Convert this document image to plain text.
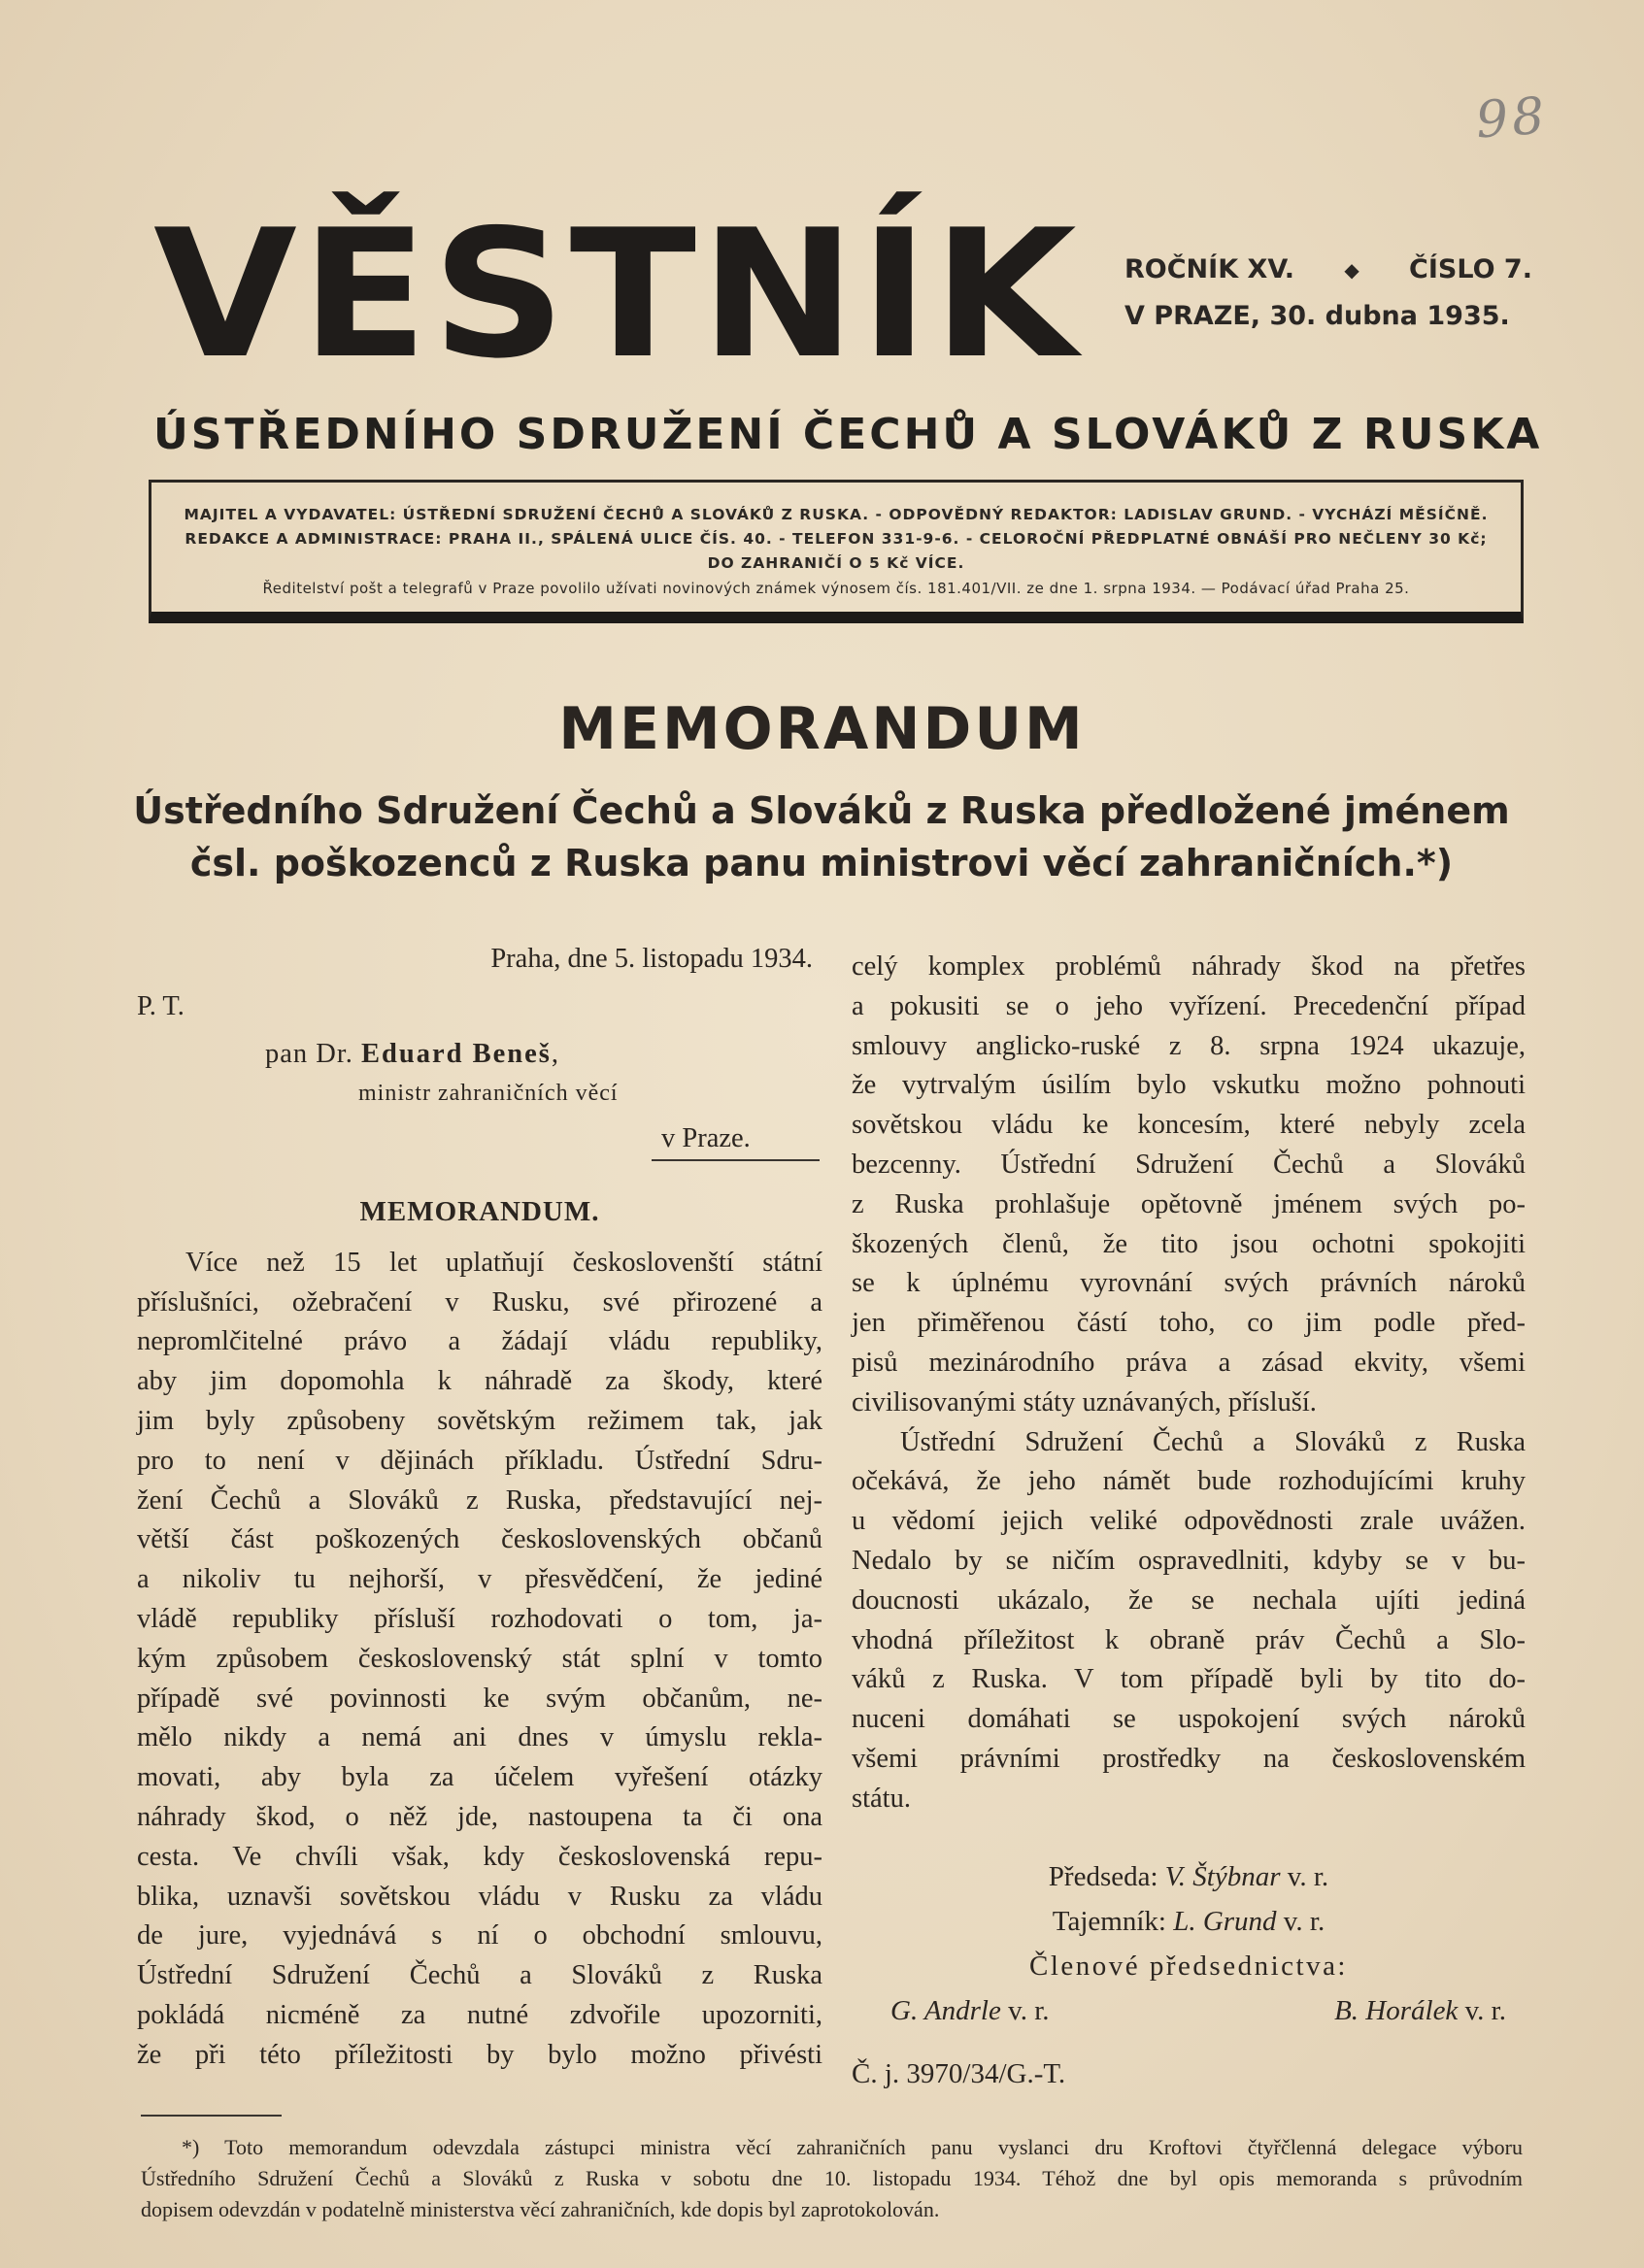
98
VĚSTNÍK ROČNÍK XV.	◆ ČÍSLO 7.
V PRAZE, 30. dubna 1935.
ÚSTŘEDNÍHO SDRUŽENÍ ČECHŮ A SLOVÁKŮ Z RUSKA
MAJITEL A VYDAVATEL: ÚSTŘEDNÍ SDRUŽENÍ ČECHŮ A SLOVÁKŮ Z RUSKA. - ODPOVĚDNÝ REDAKTOR: LADISLAV GRUND. - VYCHÁZÍ MĚSÍČNĚ.
REDAKCE A ADMINISTRACE: PRAHA II., SPÁLENÁ ULICE ČÍS. 40. - TELEFON 331-9-6. - CELOROČNÍ PŘEDPLATNÉ OBNÁŠÍ PRO NEČLENY 30 Kč;
DO ZAHRANIČÍ O 5 Kč VÍCE.
Ředitelství pošt a telegrafů v Praze povolilo užívati novinových známek výnosem čís. 181.401/VII. ze dne 1. srpna 1934. — Podávací úřad Praha 25.
MEMORANDUM
Ústředního Sdružení Čechů a Slováků z Ruska předložené jménem
čsl. poškozenců z Ruska panu ministrovi věcí zahraničních.*)
Praha, dne 5. listopadu 1934.
P. T.
pan Dr. Eduard Beneš,
ministr zahraničních věcí
v Praze.
MEMORANDUM.
Více než 15 let uplatňují českoslovenští státní
příslušníci, ožebračení v Rusku, své přirozené a
nepromlčitelné právo a žádají vládu republiky,
aby jim dopomohla k náhradě za škody, které
jim byly způsobeny sovětským režimem tak, jak
pro to není v dějinách příkladu. Ústřední Sdru-
žení Čechů a Slováků z Ruska, představující nej-
větší část poškozených československých občanů
a nikoliv tu nejhorší, v přesvědčení, že jediné
vládě republiky přísluší rozhodovati o tom, ja-
kým způsobem československý stát splní v tomto
případě své povinnosti ke svým občanům, ne-
mělo nikdy a nemá ani dnes v úmyslu rekla-
movati, aby byla za účelem vyřešení otázky
náhrady škod, o něž jde, nastoupena ta či ona
cesta. Ve chvíli však, kdy československá repu-
blika, uznavši sovětskou vládu v Rusku za vládu
de jure, vyjednává s ní o obchodní smlouvu,
Ústřední Sdružení Čechů a Slováků z Ruska
pokládá nicméně za nutné zdvořile upozorniti,
že při této příležitosti by bylo možno přivésti
celý komplex problémů náhrady škod na přetřes
a pokusiti se o jeho vyřízení. Precedenční případ
smlouvy anglicko-ruské z 8. srpna 1924 ukazuje,
že vytrvalým úsilím bylo vskutku možno pohnouti
sovětskou vládu ke koncesím, které nebyly zcela
bezcenny. Ústřední Sdružení Čechů a Slováků
z Ruska prohlašuje opětovně jménem svých po-
škozených členů, že tito jsou ochotni spokojiti
se k úplnému vyrovnání svých právních nároků
jen přiměřenou částí toho, co jim podle před-
pisů mezinárodního práva a zásad ekvity, všemi
civilisovanými státy uznávaných, přísluší.
Ústřední Sdružení Čechů a Slováků z Ruska
očekává, že jeho námět bude rozhodujícími kruhy
u vědomí jejich veliké odpovědnosti zrale uvážen.
Nedalo by se ničím ospravedlniti, kdyby se v bu-
doucnosti ukázalo, že se nechala ujíti jediná
vhodná příležitost k obraně práv Čechů a Slo-
váků z Ruska. V tom případě byli by tito do-
nuceni domáhati se uspokojení svých nároků
všemi právními prostředky na československém
státu.
Předseda: V. Štýbnar v. r.
Tajemník: L. Grund v. r.
Členové předsednictva:
G. Andrle v. r.	B. Horálek v. r.
Č. j. 3970/34/G.-T.
*) Toto memorandum odevzdala zástupci ministra věcí zahraničních panu vyslanci dru Kroftovi čtyřčlenná delegace výboru
Ústředního Sdružení Čechů a Slováků z Ruska v sobotu dne 10. listopadu 1934. Téhož dne byl opis memoranda s průvodním
dopisem odevzdán v podatelně ministerstva věcí zahraničních, kde dopis byl zaprotokolován.
